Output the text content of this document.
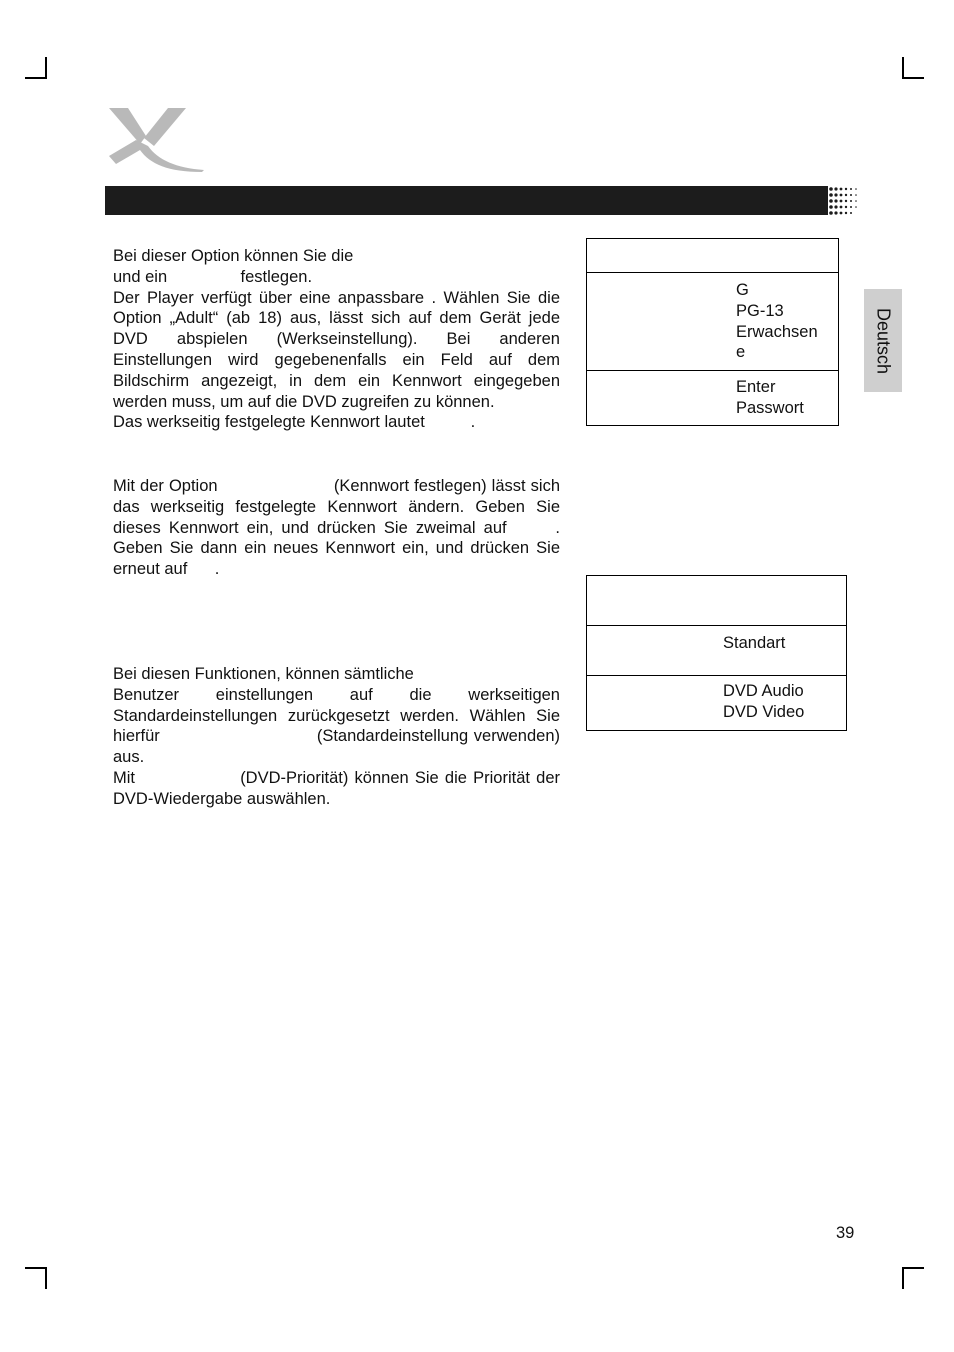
Deutsch

Bei dieser Option können Sie die

und ein                festlegen.

Der Player verfügt über eine anpassbare . Wählen Sie die Option „Adult“ (ab 18) aus, lässt sich auf dem Gerät jede DVD abspielen (Werkseinstellung). Bei anderen Einstellungen wird gegebenenfalls ein Feld auf dem Bildschirm angezeigt, in dem ein Kennwort eingegeben werden muss, um auf die DVD zugreifen zu können.

Das werkseitig festgelegte Kennwort lautet          .

Mit der Option                       (Kennwort festlegen) lässt sich das werkseitig festgelegte Kennwort ändern. Geben Sie dieses Kennwort ein, und drücken Sie zweimal auf      . Geben Sie dann ein neues Kennwort ein, und drücken Sie erneut auf      .

Bei diesen Funktionen, können sämtliche

Benutzer einstellungen auf die werkseitigen Standardeinstellungen zurückgesetzt werden. Wählen Sie hierfür                            (Standardeinstellung verwenden) aus.

Mit                 (DVD-Priorität) können Sie die Priorität der DVD-Wiedergabe auswählen.

G
PG-13
Erwachsen
e
Enter
Passwort
Standart
DVD Audio
DVD Video
39
